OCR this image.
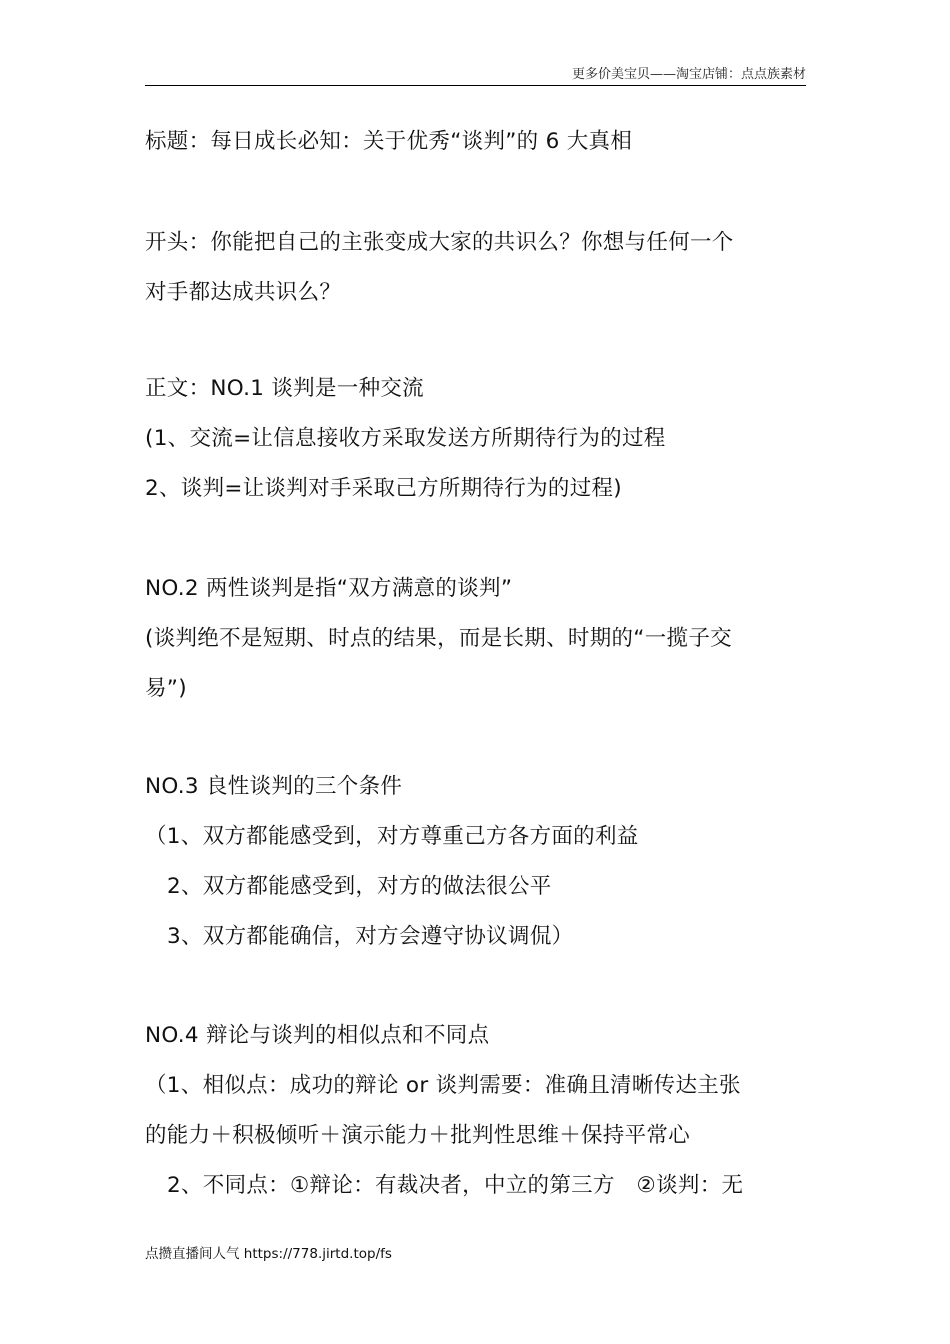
更多价美宝贝——淘宝店铺：点点族素材
标题：每日成长必知：关于优秀“谈判”的 6 大真相
开头：你能把自己的主张变成大家的共识么？你想与任何一个
对手都达成共识么？
正文：NO.1 谈判是一种交流
(1、交流=让信息接收方采取发送方所期待行为的过程
2、谈判=让谈判对手采取己方所期待行为的过程)
NO.2 两性谈判是指“双方满意的谈判”
(谈判绝不是短期、时点的结果，而是长期、时期的“一揽子交
易”)
NO.3 良性谈判的三个条件
（1、双方都能感受到，对方尊重己方各方面的利益
2、双方都能感受到，对方的做法很公平
3、双方都能确信，对方会遵守协议调侃）
NO.4 辩论与谈判的相似点和不同点
（1、相似点：成功的辩论 or 谈判需要：准确且清晰传达主张
的能力＋积极倾听＋演示能力＋批判性思维＋保持平常心
2、不同点：①辩论：有裁决者，中立的第三方　②谈判：无
点攒直播间人气 https://778.jirtd.top/fs
